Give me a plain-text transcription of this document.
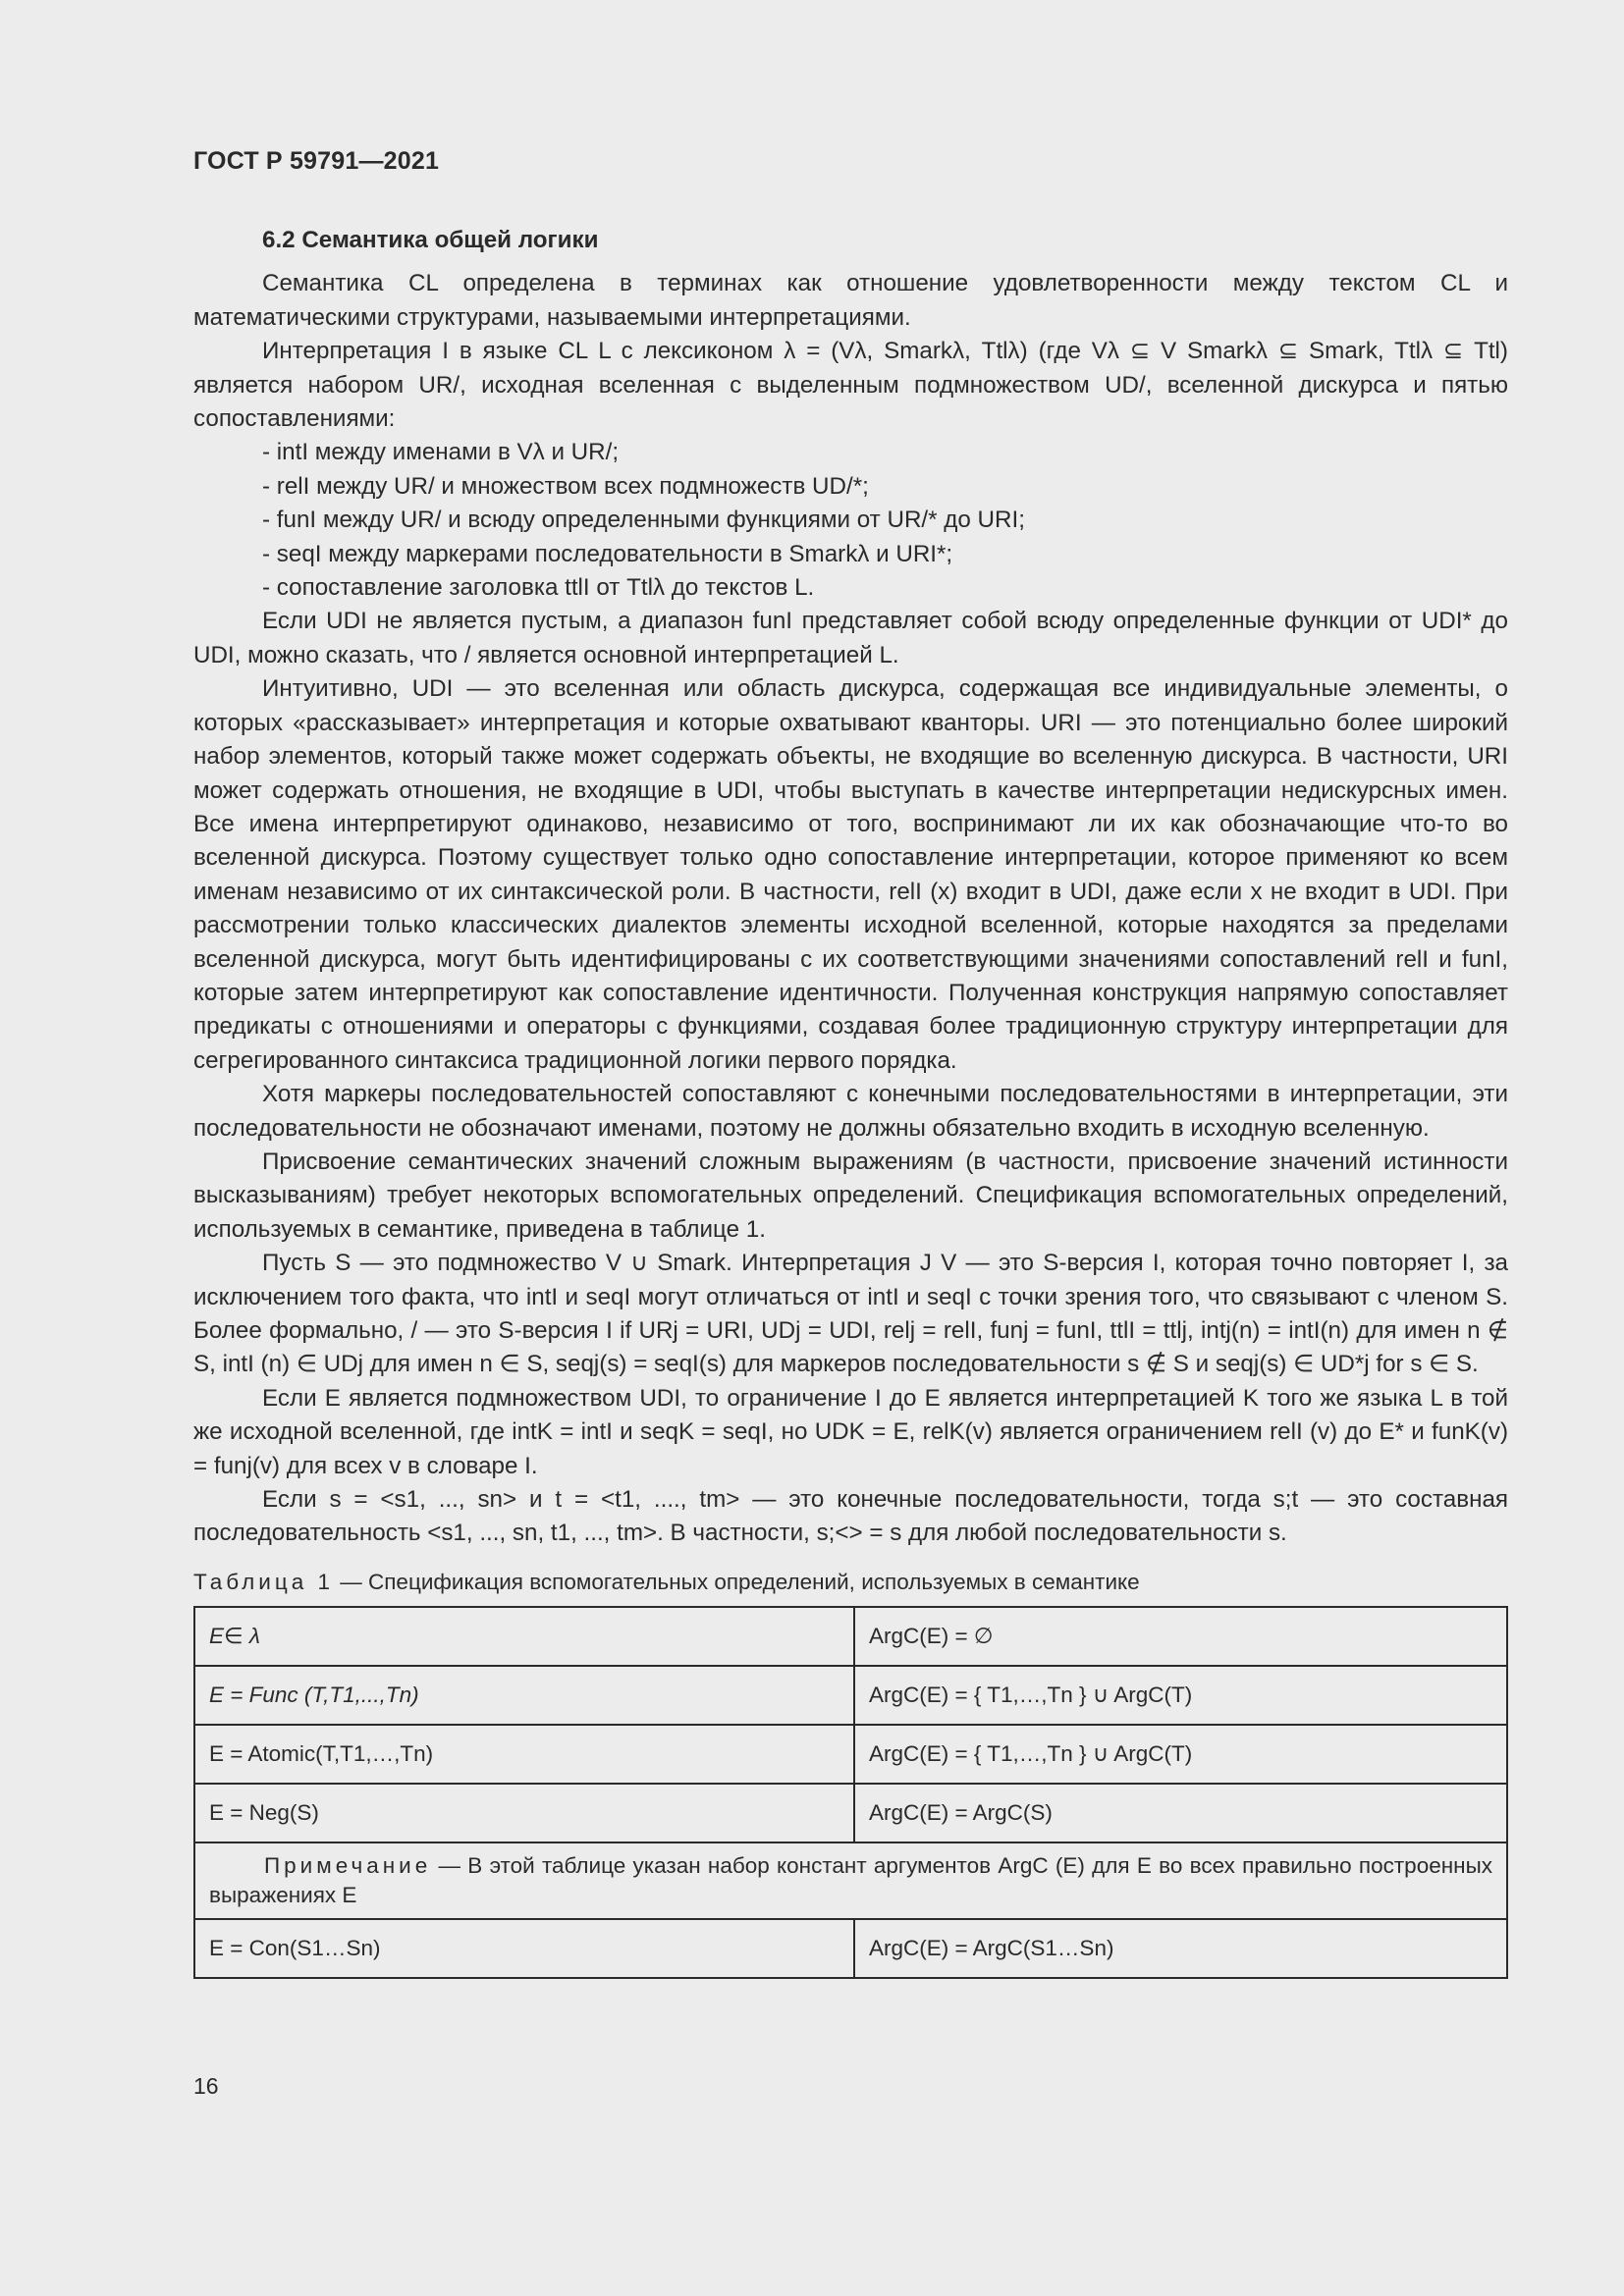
ГОСТ Р 59791—2021
6.2 Семантика общей логики

Семантика CL определена в терминах как отношение удовлетворенности между текстом CL и математическими структурами, называемыми интерпретациями.

Интерпретация I в языке CL L с лексиконом λ = (Vλ, Smarkλ, Ttlλ) (где Vλ ⊆ V Smarkλ ⊆ Smark, Ttlλ ⊆ Ttl) является набором UR/, исходная вселенная с выделенным подмножеством UD/, вселенной дискурса и пятью сопоставлениями:

- intI между именами в Vλ и UR/;

- relI между UR/ и множеством всех подмножеств UD/*;

- funI между UR/ и всюду определенными функциями от UR/* до URI;

- seqI между маркерами последовательности в Smarkλ и URI*;

- сопоставление заголовка ttlI от Ttlλ до текстов L.

Если UDI не является пустым, а диапазон funI представляет собой всюду определенные функции от UDI* до UDI, можно сказать, что / является основной интерпретацией L.

Интуитивно, UDI — это вселенная или область дискурса, содержащая все индивидуальные элементы, о которых «рассказывает» интерпретация и которые охватывают кванторы. URI — это потенциально более широкий набор элементов, который также может содержать объекты, не входящие во вселенную дискурса. В частности, URI может содержать отношения, не входящие в UDI, чтобы выступать в качестве интерпретации недискурсных имен. Все имена интерпретируют одинаково, независимо от того, воспринимают ли их как обозначающие что-то во вселенной дискурса. Поэтому существует только одно сопоставление интерпретации, которое применяют ко всем именам независимо от их синтаксической роли. В частности, relI (x) входит в UDI, даже если x не входит в UDI. При рассмотрении только классических диалектов элементы исходной вселенной, которые находятся за пределами вселенной дискурса, могут быть идентифицированы с их соответствующими значениями сопоставлений relI и funI, которые затем интерпретируют как сопоставление идентичности. Полученная конструкция напрямую сопоставляет предикаты с отношениями и операторы с функциями, создавая более традиционную структуру интерпретации для сегрегированного синтаксиса традиционной логики первого порядка.

Хотя маркеры последовательностей сопоставляют с конечными последовательностями в интерпретации, эти последовательности не обозначают именами, поэтому не должны обязательно входить в исходную вселенную.

Присвоение семантических значений сложным выражениям (в частности, присвоение значений истинности высказываниям) требует некоторых вспомогательных определений. Спецификация вспомогательных определений, используемых в семантике, приведена в таблице 1.

Пусть S — это подмножество V ∪ Smark. Интерпретация J V — это S-версия I, которая точно повторяет I, за исключением того факта, что intI и seqI могут отличаться от intI и seqI с точки зрения того, что связывают с членом S. Более формально, / — это S-версия I if URj = URI, UDj = UDI, relj = relI, funj = funI, ttlI = ttlj, intj(n) = intI(n) для имен n ∉ S, intI (n) ∈ UDj для имен n ∈ S, seqj(s) = seqI(s) для маркеров последовательности s ∉ S и seqj(s) ∈ UD*j for s ∈ S.

Если E является подмножеством UDI, то ограничение I до E является интерпретацией K того же языка L в той же исходной вселенной, где intK = intI и seqK = seqI, но UDK = E, relK(v) является ограничением relI (v) до E* и funK(v) = funj(v) для всех v в словаре I.

Если s = <s1, ..., sn> и t = <t1, ...., tm> — это конечные последовательности, тогда s;t — это составная последовательность <s1, ..., sn, t1, ..., tm>. В частности, s;<> = s для любой последовательности s.

Таблица 1 — Спецификация вспомогательных определений, используемых в семантике
E∈ λ	ArgC(E) = ∅
E = Func (T,T1,...,Tn)	ArgC(E) = { T1,…,Tn } ∪ ArgC(T)
E = Atomic(T,T1,…,Tn)	ArgC(E) = { T1,…,Tn } ∪ ArgC(T)
E = Neg(S)	ArgC(E) = ArgC(S)
Примечание — В этой таблице указан набор констант аргументов ArgC (E) для E во всех правильно построенных выражениях E	
E = Con(S1…Sn)	ArgC(E) = ArgC(S1…Sn)
16
